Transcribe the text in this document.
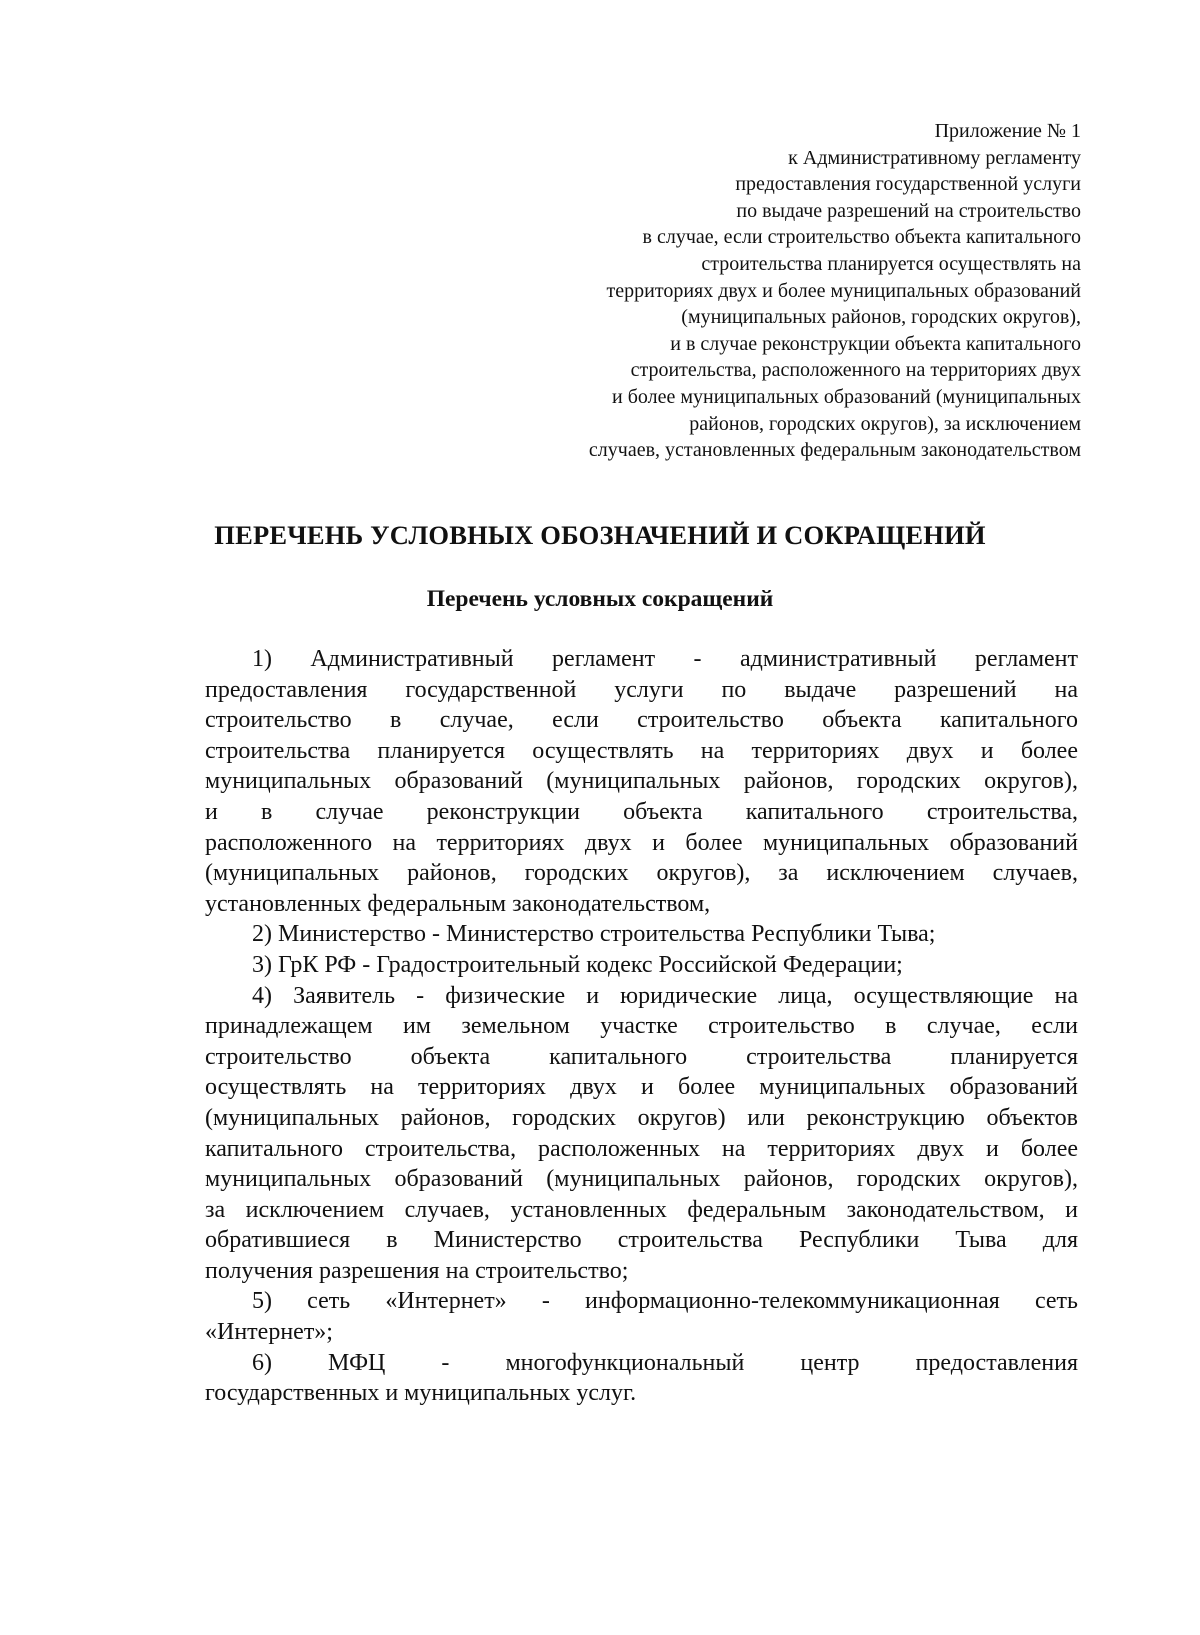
Приложение № 1
к Административному регламенту
предоставления государственной услуги
по выдаче разрешений на строительство
в случае, если строительство объекта капитального
строительства планируется осуществлять на
территориях двух и более муниципальных образований
(муниципальных районов, городских округов),
и в случае реконструкции объекта капитального
строительства, расположенного на территориях двух
и более муниципальных образований (муниципальных
районов, городских округов), за исключением
случаев, установленных федеральным законодательством
ПЕРЕЧЕНЬ УСЛОВНЫХ ОБОЗНАЧЕНИЙ И СОКРАЩЕНИЙ
Перечень условных сокращений
1) Административный регламент - административный регламент
предоставления государственной услуги по выдаче разрешений на
строительство в случае, если строительство объекта капитального
строительства планируется осуществлять на территориях двух и более
муниципальных образований (муниципальных районов, городских округов),
и в случае реконструкции объекта капитального строительства,
расположенного на территориях двух и более муниципальных образований
(муниципальных районов, городских округов), за исключением случаев,
установленных федеральным законодательством,
2) Министерство - Министерство строительства Республики Тыва;
3) ГрК РФ - Градостроительный кодекс Российской Федерации;
4) Заявитель - физические и юридические лица, осуществляющие на
принадлежащем им земельном участке строительство в случае, если
строительство объекта капитального строительства планируется
осуществлять на территориях двух и более муниципальных образований
(муниципальных районов, городских округов) или реконструкцию объектов
капитального строительства, расположенных на территориях двух и более
муниципальных образований (муниципальных районов, городских округов),
за исключением случаев, установленных федеральным законодательством, и
обратившиеся в Министерство строительства Республики Тыва для
получения разрешения на строительство;
5) сеть «Интернет» - информационно-телекоммуникационная сеть
«Интернет»;
6) МФЦ - многофункциональный центр предоставления
государственных и муниципальных услуг.
